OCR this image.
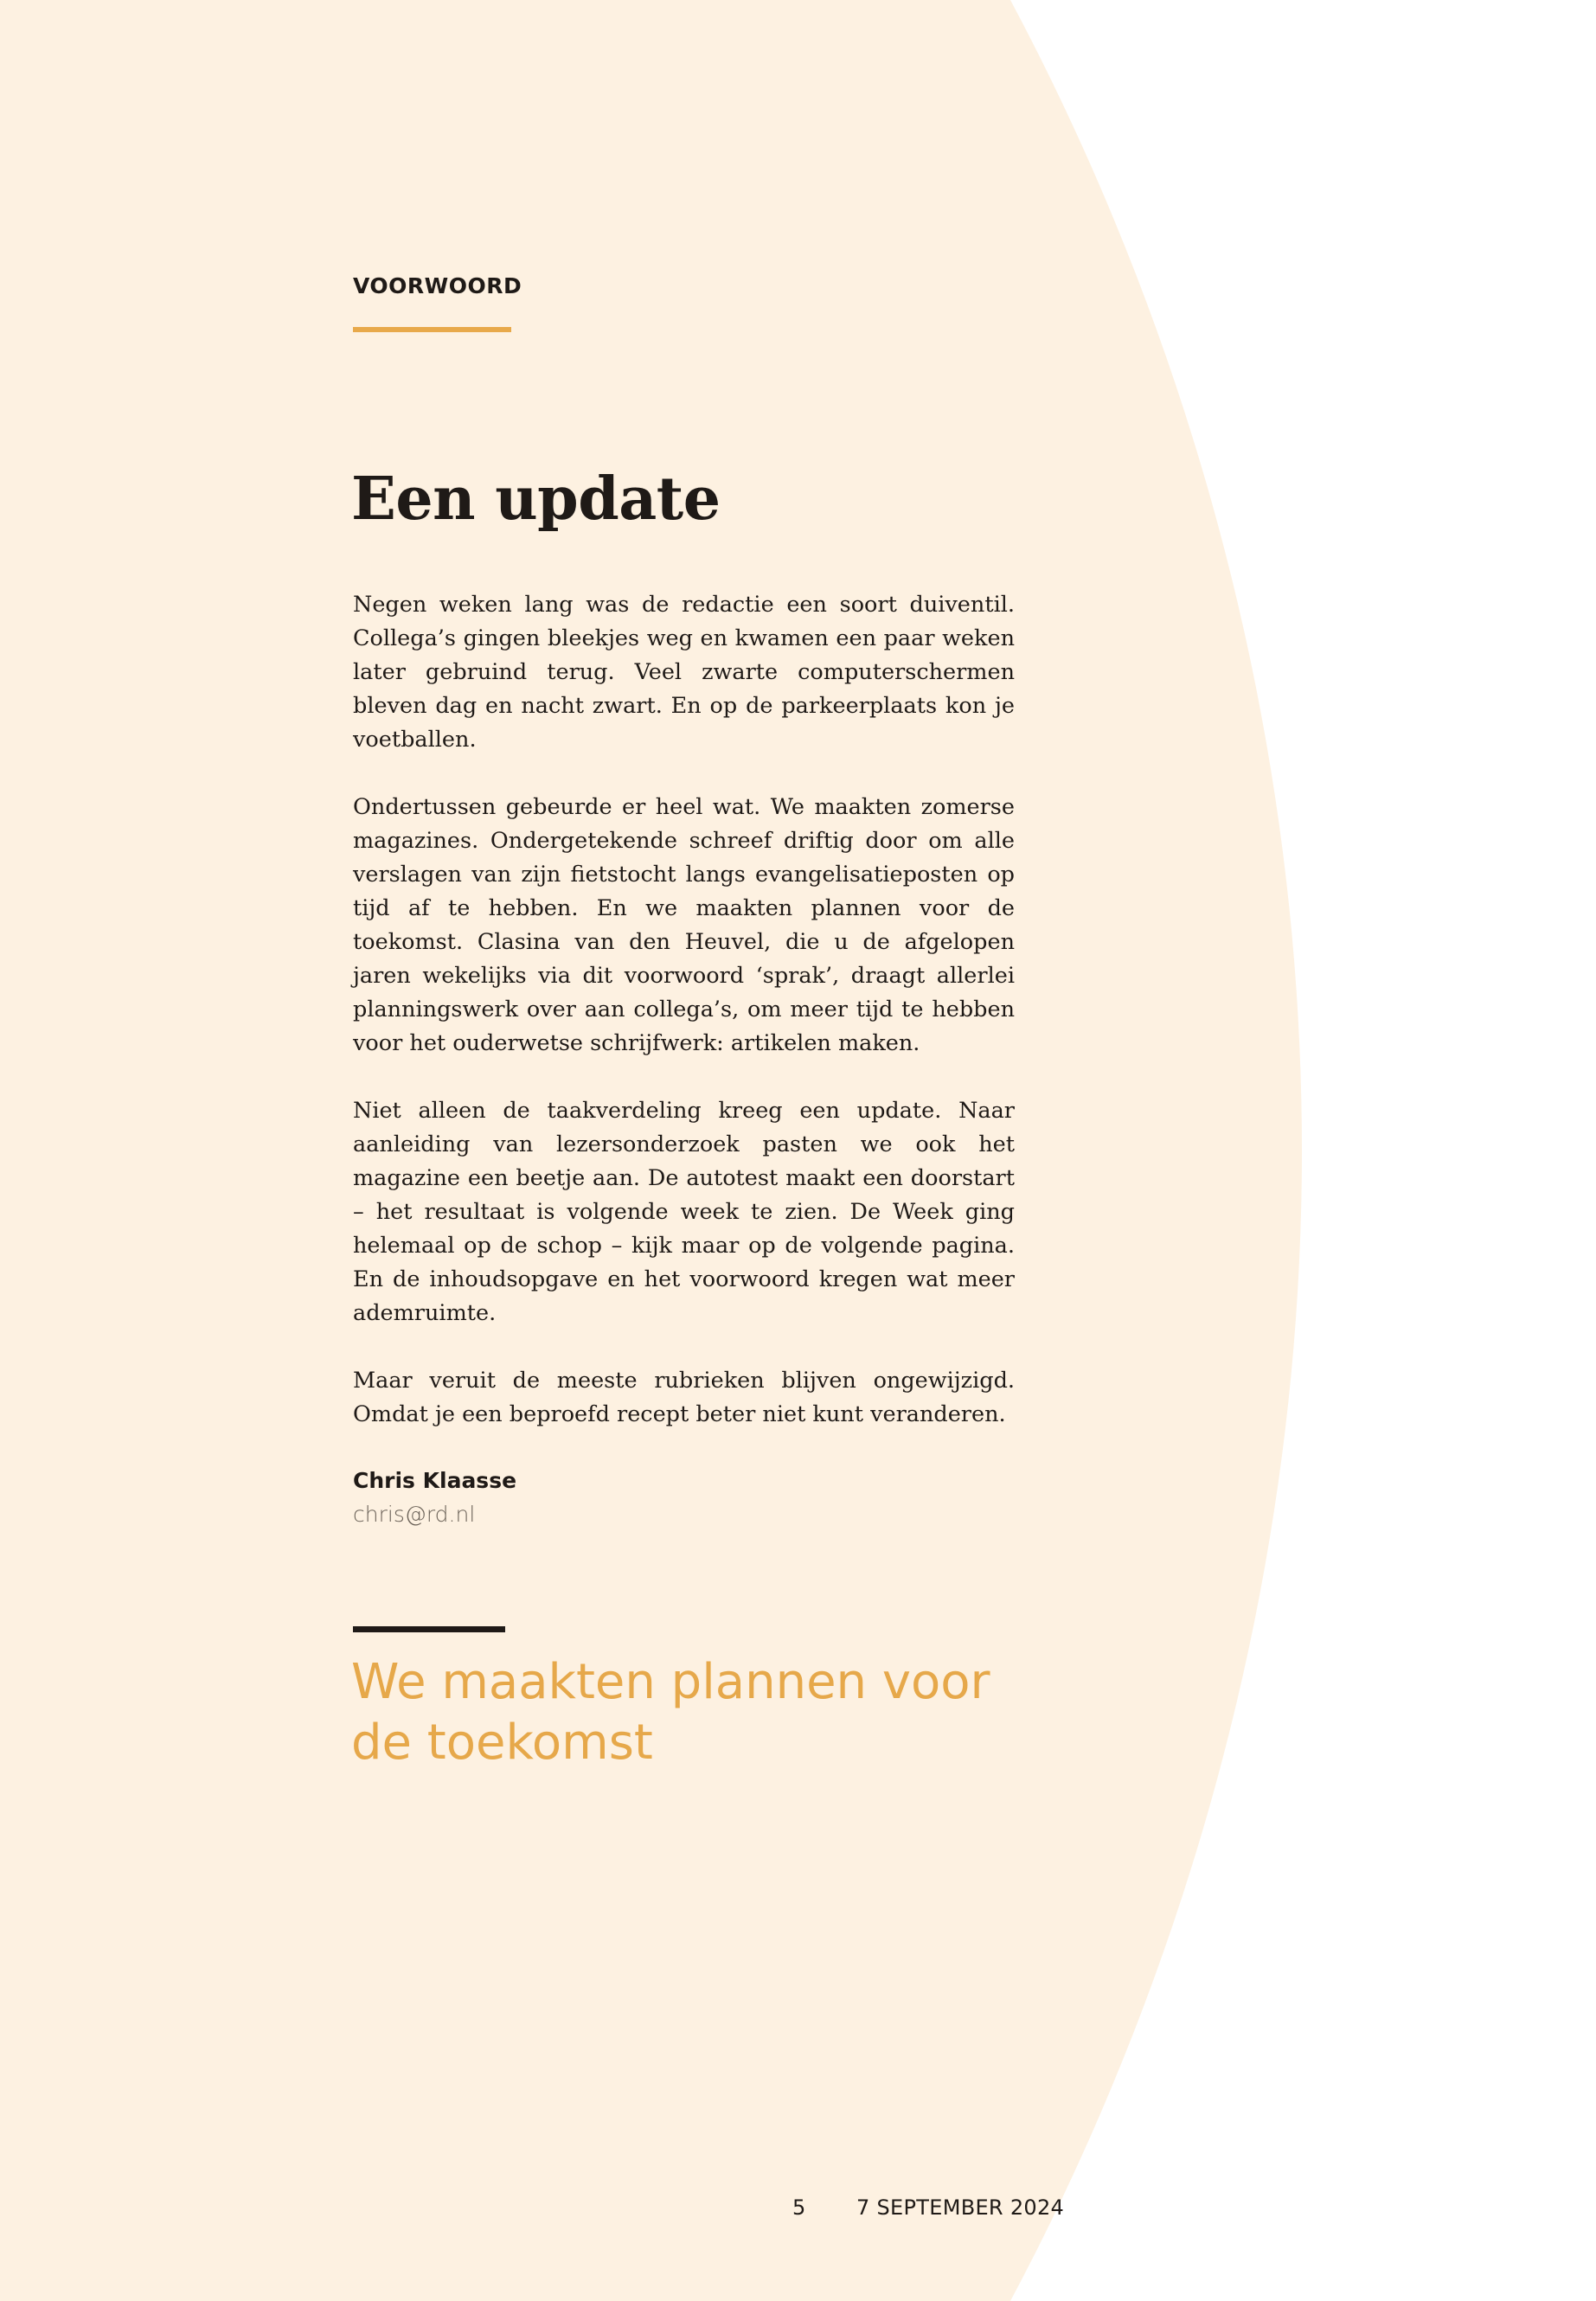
VOORWOORD
Een update

Negen weken lang was de redactie een soort duiventil. Collega’s gingen bleekjes weg en kwamen een paar weken later gebruind terug. Veel zwarte computerschermen bleven dag en nacht zwart. En op de parkeerplaats kon je voetballen.

Ondertussen gebeurde er heel wat. We maakten zomerse magazines. Ondergetekende schreef driftig door om alle verslagen van zijn fietstocht langs evangelisatieposten op tijd af te hebben. En we maakten plannen voor de toekomst. Clasina van den Heuvel, die u de afgelopen jaren wekelijks via dit voorwoord ‘sprak’, draagt allerlei planningswerk over aan collega’s, om meer tijd te hebben voor het ouderwetse schrijfwerk: artikelen maken.

Niet alleen de taakverdeling kreeg een update. Naar aanleiding van lezersonderzoek pasten we ook het magazine een beetje aan. De autotest maakt een doorstart – het resultaat is volgende week te zien. De Week ging helemaal op de schop – kijk maar op de volgende pagina. En de inhoudsopgave en het voorwoord kregen wat meer ademruimte.

Maar veruit de meeste rubrieken blijven ongewijzigd. Omdat je een beproefd recept beter niet kunt veranderen.

Chris Klaasse
chris@rd.nl
We maakten plannen voor de toekomst
5 7 SEPTEMBER 2024
